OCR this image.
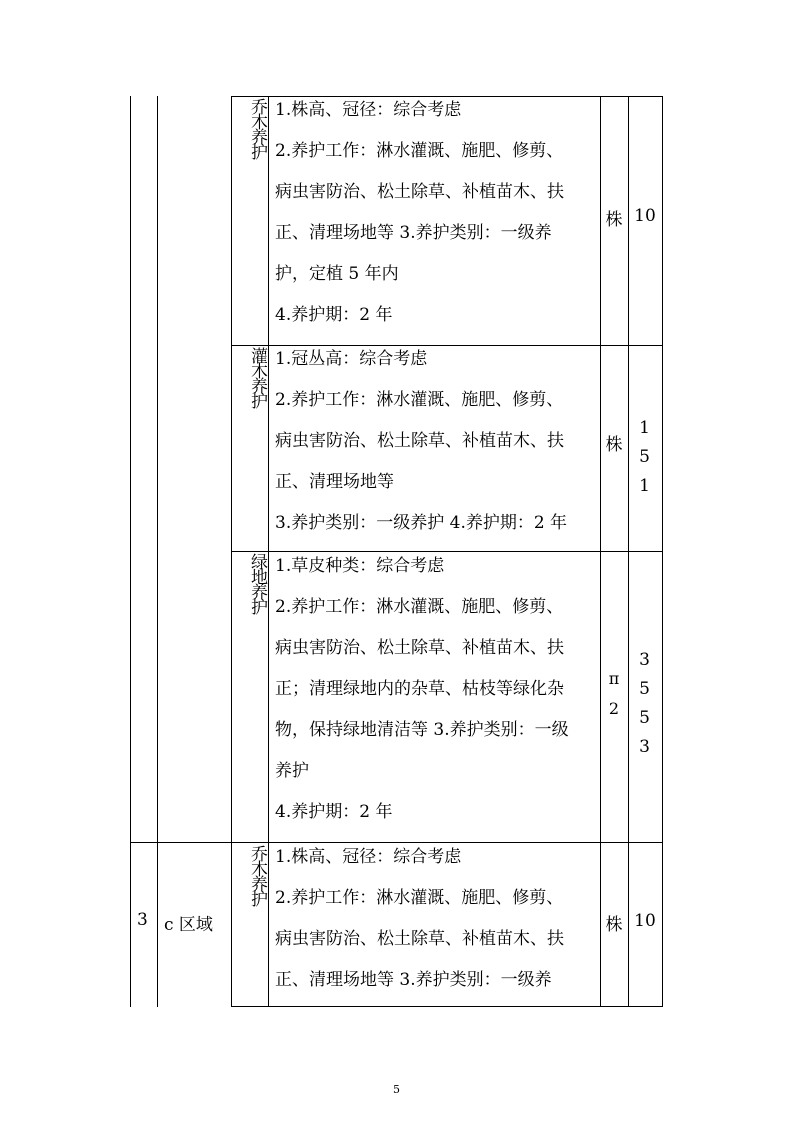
乔木养护
1.株高、冠径：综合考虑
2.养护工作：淋水灌溉、施肥、修剪、
病虫害防治、松土除草、补植苗木、扶
正、清理场地等 3.养护类别：一级养
护，定植 5 年内
4.养护期：2 年
株 10
灌木养护
1.冠丛高：综合考虑
2.养护工作：淋水灌溉、施肥、修剪、
病虫害防治、松土除草、补植苗木、扶
正、清理场地等
3.养护类别：一级养护 4.养护期：2 年
株
151
绿地养护
1.草皮种类：综合考虑
2.养护工作：淋水灌溉、施肥、修剪、
病虫害防治、松土除草、补植苗木、扶
正；清理绿地内的杂草、枯枝等绿化杂
物，保持绿地清洁等 3.养护类别：一级
养护
4.养护期：2 年
π2
3553
3 c 区域
乔木养护
1.株高、冠径：综合考虑
2.养护工作：淋水灌溉、施肥、修剪、
病虫害防治、松土除草、补植苗木、扶
正、清理场地等 3.养护类别：一级养
株 10
5
